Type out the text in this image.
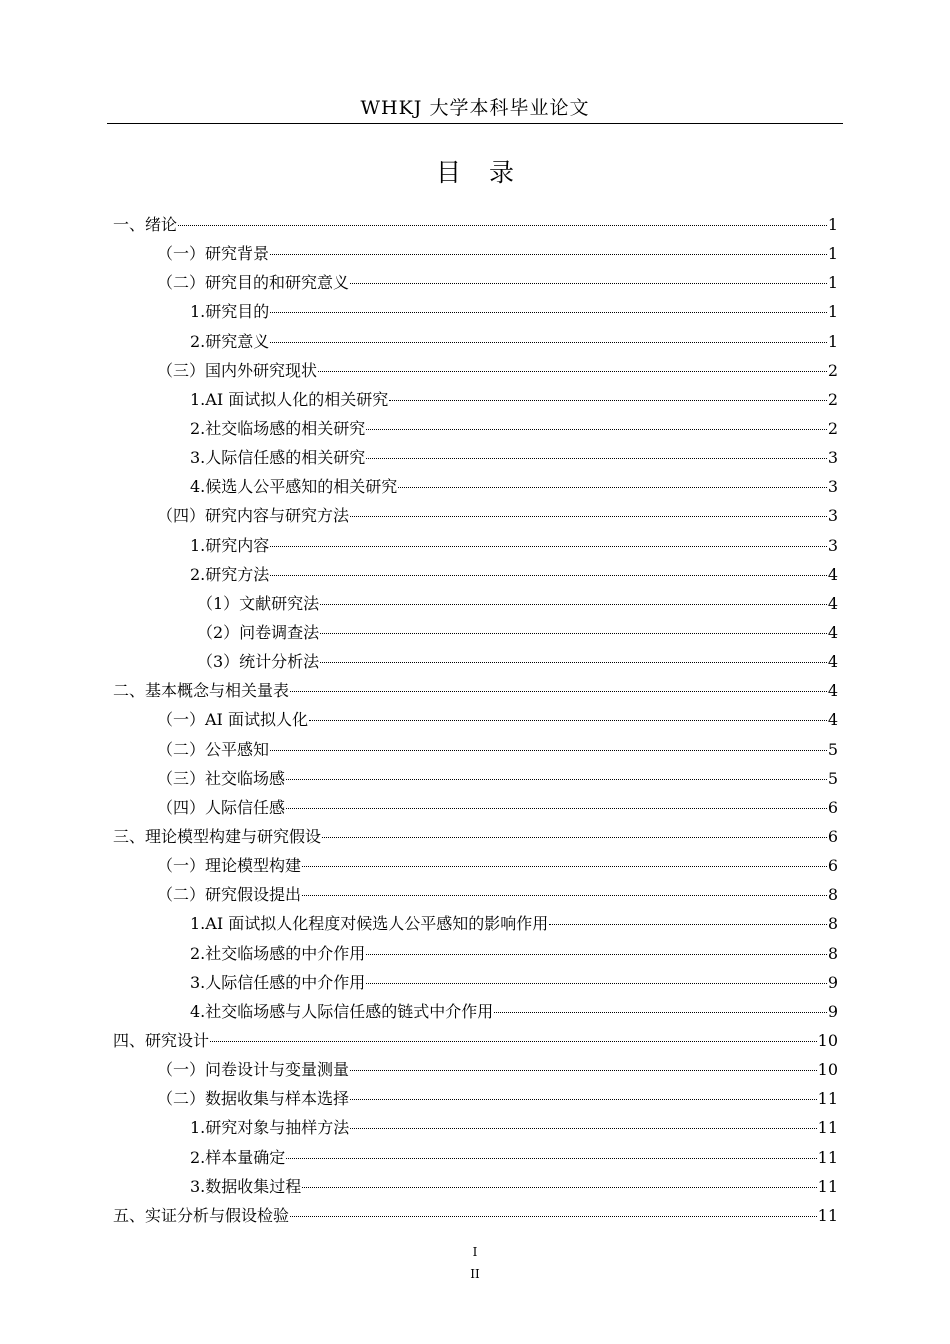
WHKJ 大学本科毕业论文
目 录
一、绪论	1
（一）研究背景	1
（二）研究目的和研究意义	1
1.研究目的	1
2.研究意义	1
（三）国内外研究现状	2
1.AI 面试拟人化的相关研究	2
2.社交临场感的相关研究	2
3.人际信任感的相关研究	3
4.候选人公平感知的相关研究	3
（四）研究内容与研究方法	3
1.研究内容	3
2.研究方法	4
（1）文献研究法	4
（2）问卷调查法	4
（3）统计分析法	4
二、基本概念与相关量表	4
（一）AI 面试拟人化	4
（二）公平感知	5
（三）社交临场感	5
（四）人际信任感	6
三、理论模型构建与研究假设	6
（一）理论模型构建	6
（二）研究假设提出	8
1.AI 面试拟人化程度对候选人公平感知的影响作用	8
2.社交临场感的中介作用	8
3.人际信任感的中介作用	9
4.社交临场感与人际信任感的链式中介作用	9
四、研究设计	10
（一）问卷设计与变量测量	10
（二）数据收集与样本选择	11
1.研究对象与抽样方法	11
2.样本量确定	11
3.数据收集过程	11
五、实证分析与假设检验	11
I
II
